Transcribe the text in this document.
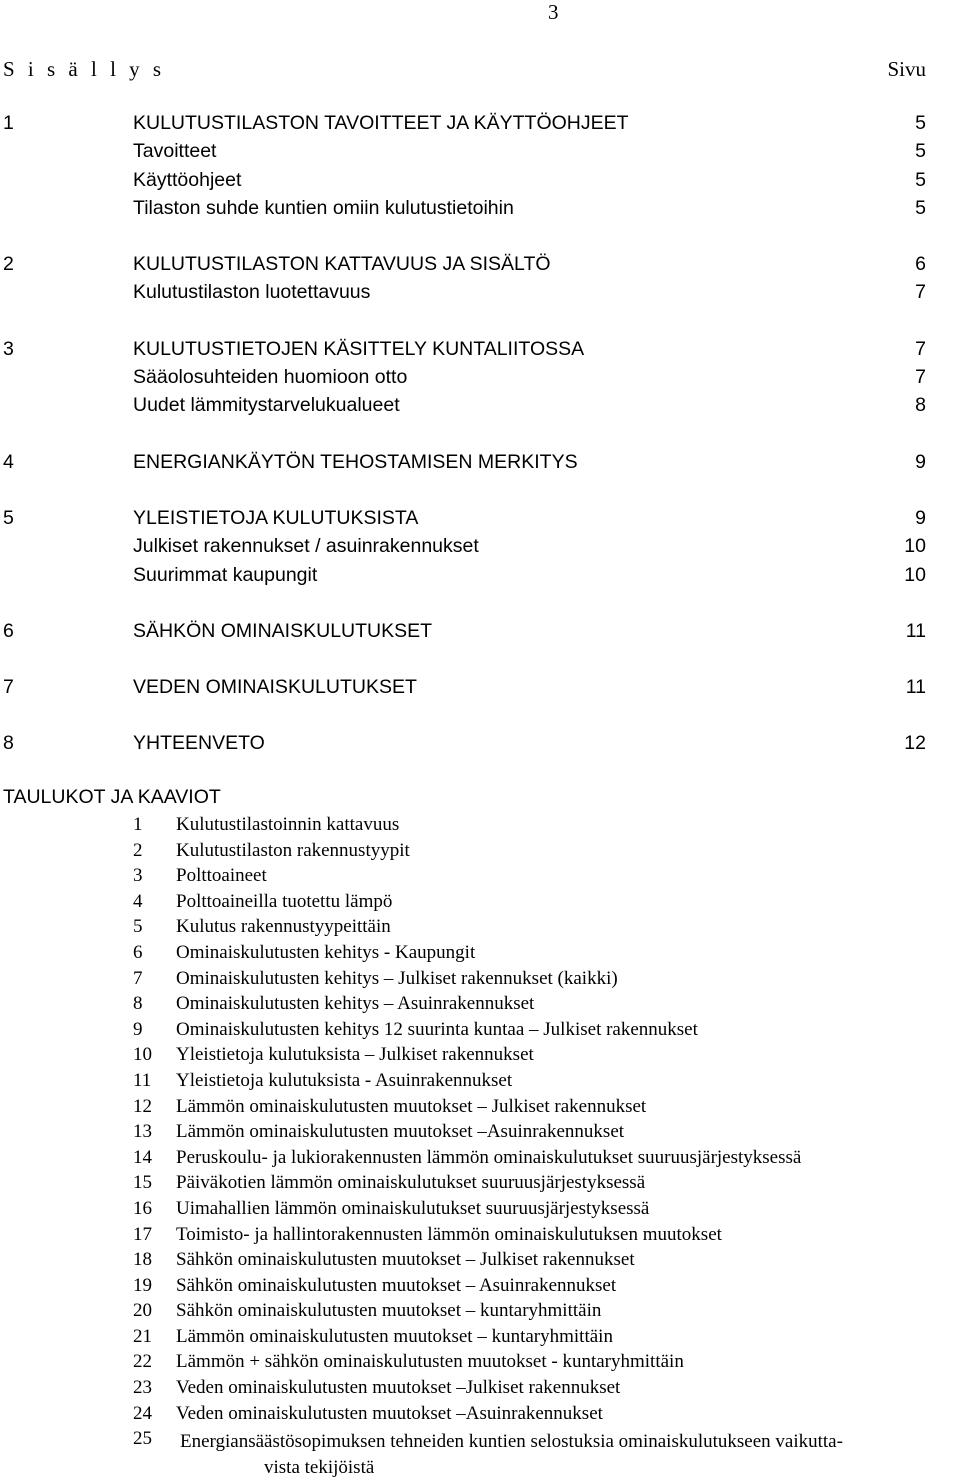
3
S i s ä l l y s	Sivu
1	KULUTUSTILASTON TAVOITTEET JA KÄYTTÖOHJEET	5
Tavoitteet	5
Käyttöohjeet	5
Tilaston suhde kuntien omiin kulutustietoihin	5
2	KULUTUSTILASTON KATTAVUUS JA SISÄLTÖ	6
Kulutustilaston luotettavuus	7
3	KULUTUSTIETOJEN KÄSITTELY KUNTALIITOSSA	7
Sääolosuhteiden huomioon otto	7
Uudet lämmitystarvelukualueet	8
4	ENERGIANKÄYTÖN TEHOSTAMISEN MERKITYS	9
5	YLEISTIETOJA KULUTUKSISTA	9
Julkiset rakennukset / asuinrakennukset	10
Suurimmat kaupungit	10
6	SÄHKÖN OMINAISKULUTUKSET	11
7	VEDEN OMINAISKULUTUKSET	11
8	YHTEENVETO	12
TAULUKOT JA KAAVIOT
1	Kulutustilastoinnin kattavuus
2	Kulutustilaston rakennustyypit
3	Polttoaineet
4	Polttoaineilla tuotettu lämpö
5	Kulutus rakennustyypeittäin
6	Ominaiskulutusten kehitys - Kaupungit
7	Ominaiskulutusten kehitys – Julkiset rakennukset (kaikki)
8	Ominaiskulutusten kehitys – Asuinrakennukset
9	Ominaiskulutusten kehitys 12 suurinta kuntaa – Julkiset rakennukset
10	Yleistietoja kulutuksista – Julkiset rakennukset
11	Yleistietoja kulutuksista - Asuinrakennukset
12	Lämmön ominaiskulutusten muutokset – Julkiset rakennukset
13	Lämmön ominaiskulutusten muutokset –Asuinrakennukset
14	Peruskoulu- ja lukiorakennusten lämmön ominaiskulutukset suuruusjärjestyksessä
15	Päiväkotien lämmön ominaiskulutukset suuruusjärjestyksessä
16	Uimahallien lämmön ominaiskulutukset suuruusjärjestyksessä
17	Toimisto- ja hallintorakennusten lämmön ominaiskulutuksen muutokset
18	Sähkön ominaiskulutusten muutokset – Julkiset rakennukset
19	Sähkön ominaiskulutusten muutokset – Asuinrakennukset
20	Sähkön ominaiskulutusten muutokset – kuntaryhmittäin
21	Lämmön ominaiskulutusten muutokset – kuntaryhmittäin
22	Lämmön + sähkön ominaiskulutusten muutokset - kuntaryhmittäin
23	Veden ominaiskulutusten muutokset –Julkiset rakennukset
24	Veden ominaiskulutusten muutokset –Asuinrakennukset
25	Energiansäästösopimuksen tehneiden kuntien selostuksia ominaiskulutukseen vaikutta-
vista tekijöistä
